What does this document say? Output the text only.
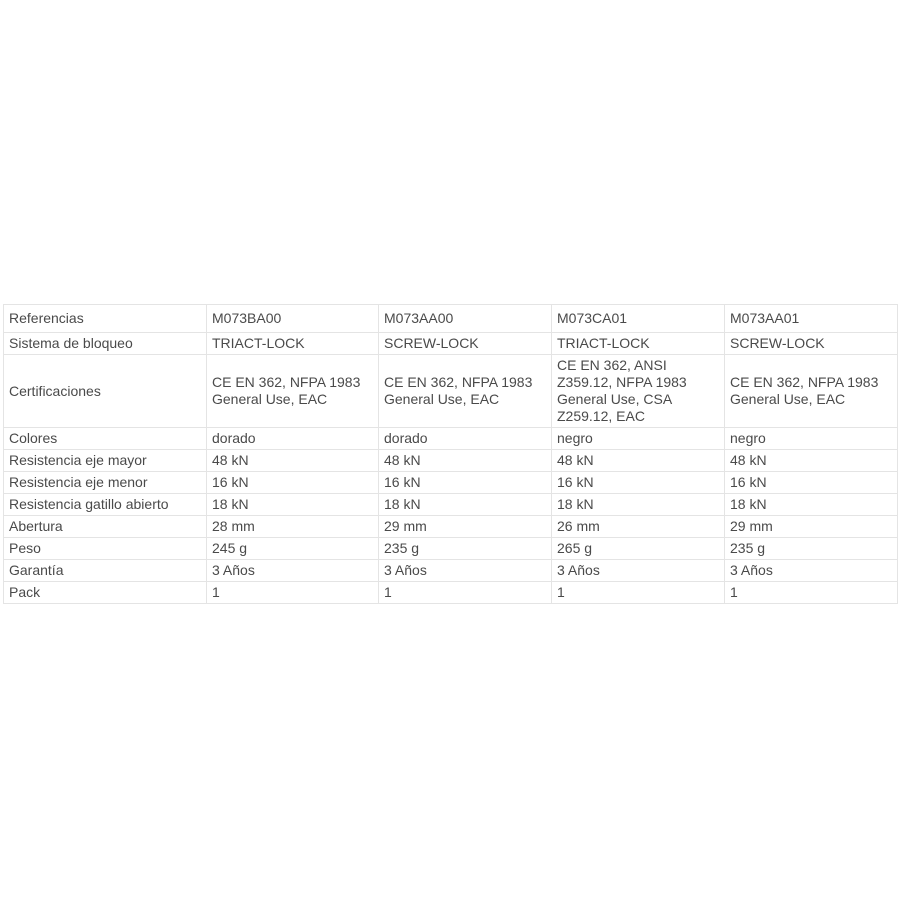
Referencias	M073BA00	M073AA00	M073CA01	M073AA01
Sistema de bloqueo	TRIACT-LOCK	SCREW-LOCK	TRIACT-LOCK	SCREW-LOCK
Certificaciones	CE EN 362, NFPA 1983 General Use, EAC	CE EN 362, NFPA 1983 General Use, EAC	CE EN 362, ANSI Z359.12, NFPA 1983 General Use, CSA Z259.12, EAC	CE EN 362, NFPA 1983 General Use, EAC
Colores	dorado	dorado	negro	negro
Resistencia eje mayor	48 kN	48 kN	48 kN	48 kN
Resistencia eje menor	16 kN	16 kN	16 kN	16 kN
Resistencia gatillo abierto	18 kN	18 kN	18 kN	18 kN
Abertura	28 mm	29 mm	26 mm	29 mm
Peso	245 g	235 g	265 g	235 g
Garantía	3 Años	3 Años	3 Años	3 Años
Pack	1	1	1	1
